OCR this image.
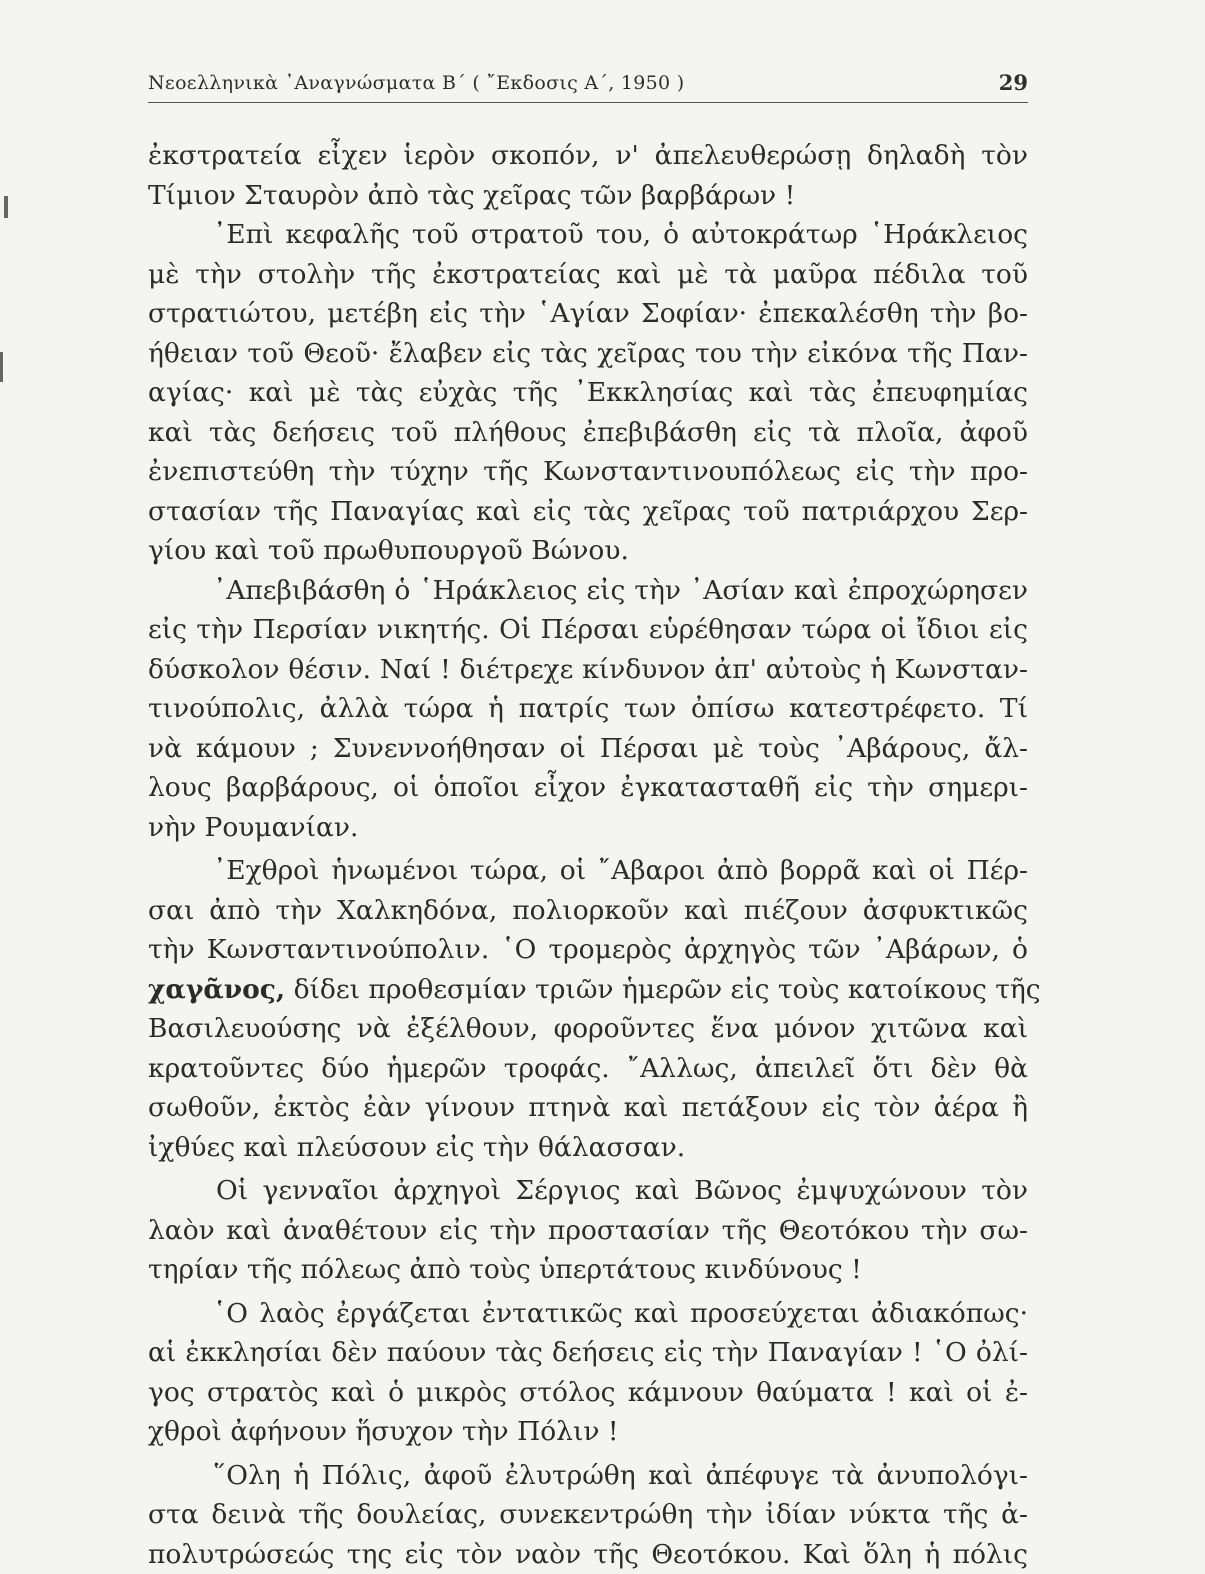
Νεοελληνικὰ ᾿Αναγνώσματα Β΄ ( ῎Εκδοσις Α΄, 1950 )	29
ἐκστρατεία εἶχεν ἱερὸν σκοπόν, ν' ἀπελευθερώσῃ δηλαδὴ τὸν
Τίμιον Σταυρὸν ἀπὸ τὰς χεῖρας τῶν βαρβάρων !
᾿Επὶ κεφαλῆς τοῦ στρατοῦ του, ὁ αὐτοκράτωρ ῾Ηράκλειος
μὲ τὴν στολὴν τῆς ἐκστρατείας καὶ μὲ τὰ μαῦρα πέδιλα τοῦ
στρατιώτου, μετέβη εἰς τὴν ῾Αγίαν Σοφίαν· ἐπεκαλέσθη τὴν βο-
ήθειαν τοῦ Θεοῦ· ἔλαβεν εἰς τὰς χεῖρας του τὴν εἰκόνα τῆς Παν-
αγίας· καὶ μὲ τὰς εὐχὰς τῆς ᾿Εκκλησίας καὶ τὰς ἐπευφημίας
καὶ τὰς δεήσεις τοῦ πλήθους ἐπεβιβάσθη εἰς τὰ πλοῖα, ἀφοῦ
ἐνεπιστεύθη τὴν τύχην τῆς Κωνσταντινουπόλεως εἰς τὴν προ-
στασίαν τῆς Παναγίας καὶ εἰς τὰς χεῖρας τοῦ πατριάρχου Σερ-
γίου καὶ τοῦ πρωθυπουργοῦ Βώνου.
᾿Απεβιβάσθη ὁ ῾Ηράκλειος εἰς τὴν ᾿Ασίαν καὶ ἐπροχώρησεν
εἰς τὴν Περσίαν νικητής. Οἱ Πέρσαι εὑρέθησαν τώρα οἱ ἴδιοι εἰς
δύσκολον θέσιν. Ναί ! διέτρεχε κίνδυνον ἀπ' αὐτοὺς ἡ Κωνσταν-
τινούπολις, ἀλλὰ τώρα ἡ πατρίς των ὀπίσω κατεστρέφετο. Τί
νὰ κάμουν ; Συνεννοήθησαν οἱ Πέρσαι μὲ τοὺς ᾿Αβάρους, ἄλ-
λους βαρβάρους, οἱ ὁποῖοι εἶχον ἐγκατασταθῆ εἰς τὴν σημερι-
νὴν Ρουμανίαν.
᾿Εχθροὶ ἡνωμένοι τώρα, οἱ ῎Αβαροι ἀπὸ βορρᾶ καὶ οἱ Πέρ-
σαι ἀπὸ τὴν Χαλκηδόνα, πολιορκοῦν καὶ πιέζουν ἀσφυκτικῶς
τὴν Κωνσταντινούπολιν. ῾Ο τρομερὸς ἀρχηγὸς τῶν ᾿Αβάρων, ὁ
χαγᾶνος, δίδει προθεσμίαν τριῶν ἡμερῶν εἰς τοὺς κατοίκους τῆς
Βασιλευούσης νὰ ἐξέλθουν, φοροῦντες ἕνα μόνον χιτῶνα καὶ
κρατοῦντες δύο ἡμερῶν τροφάς. ῎Αλλως, ἀπειλεῖ ὅτι δὲν θὰ
σωθοῦν, ἐκτὸς ἐὰν γίνουν πτηνὰ καὶ πετάξουν εἰς τὸν ἀέρα ἢ
ἰχθύες καὶ πλεύσουν εἰς τὴν θάλασσαν.
Οἱ γενναῖοι ἀρχηγοὶ Σέργιος καὶ Βῶνος ἐμψυχώνουν τὸν
λαὸν καὶ ἀναθέτουν εἰς τὴν προστασίαν τῆς Θεοτόκου τὴν σω-
τηρίαν τῆς πόλεως ἀπὸ τοὺς ὑπερτάτους κινδύνους !
῾Ο λαὸς ἐργάζεται ἐντατικῶς καὶ προσεύχεται ἀδιακόπως·
αἱ ἐκκλησίαι δὲν παύουν τὰς δεήσεις εἰς τὴν Παναγίαν ! ῾Ο ὀλί-
γος στρατὸς καὶ ὁ μικρὸς στόλος κάμνουν θαύματα ! καὶ οἱ ἐ-
χθροὶ ἀφήνουν ἥσυχον τὴν Πόλιν !
῞Ολη ἡ Πόλις, ἀφοῦ ἐλυτρώθη καὶ ἀπέφυγε τὰ ἀνυπολόγι-
στα δεινὰ τῆς δουλείας, συνεκεντρώθη τὴν ἰδίαν νύκτα τῆς ἀ-
πολυτρώσεώς της εἰς τὸν ναὸν τῆς Θεοτόκου. Καὶ ὅλη ἡ πόλις
